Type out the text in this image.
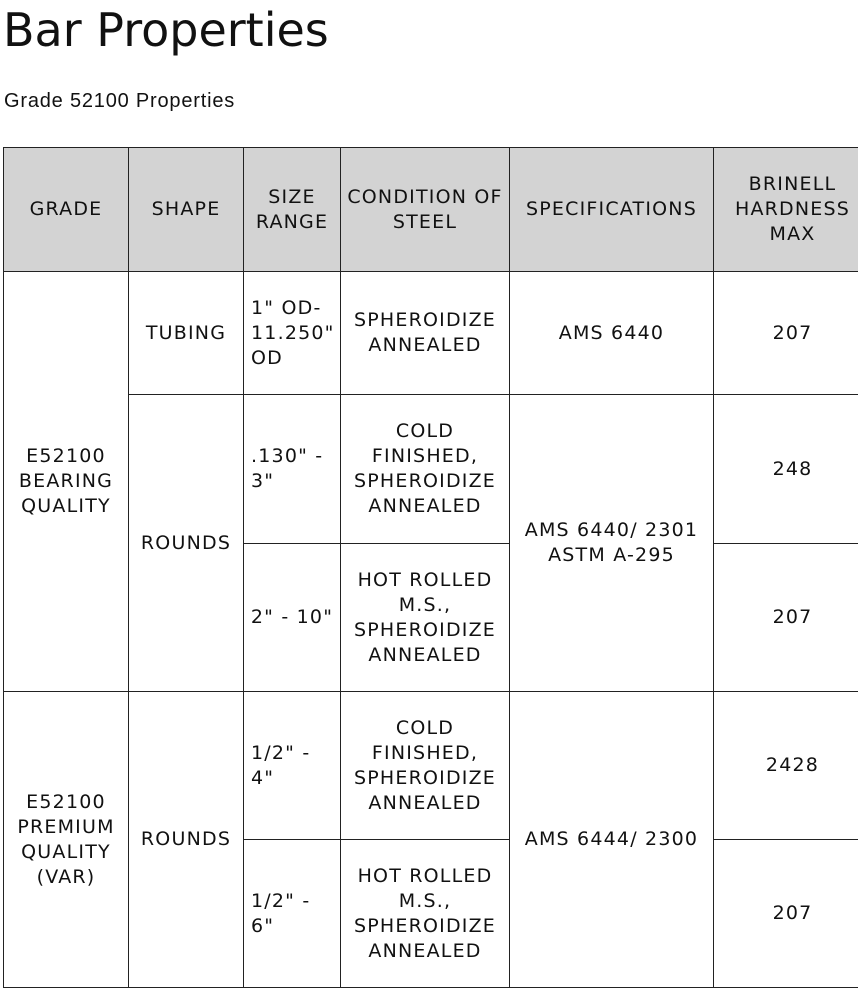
Bar Properties

Grade 52100 Properties

GRADE	SHAPE	SIZE RANGE	CONDITION OF STEEL	SPECIFICATIONS	BRINELL HARDNESS MAX
E52100 BEARING QUALITY	TUBING	1" OD-11.250" OD	SPHEROIDIZE ANNEALED	AMS 6440	207
	ROUNDS	.130" - 3"	COLD FINISHED, SPHEROIDIZE ANNEALED	AMS 6440/ 2301 ASTM A-295	248
		2" - 10"	HOT ROLLED M.S., SPHEROIDIZE ANNEALED		207
E52100 PREMIUM QUALITY (VAR)	ROUNDS	1/2" - 4"	COLD FINISHED, SPHEROIDIZE ANNEALED	AMS 6444/ 2300	2428
		1/2" - 6"	HOT ROLLED M.S., SPHEROIDIZE ANNEALED		207
